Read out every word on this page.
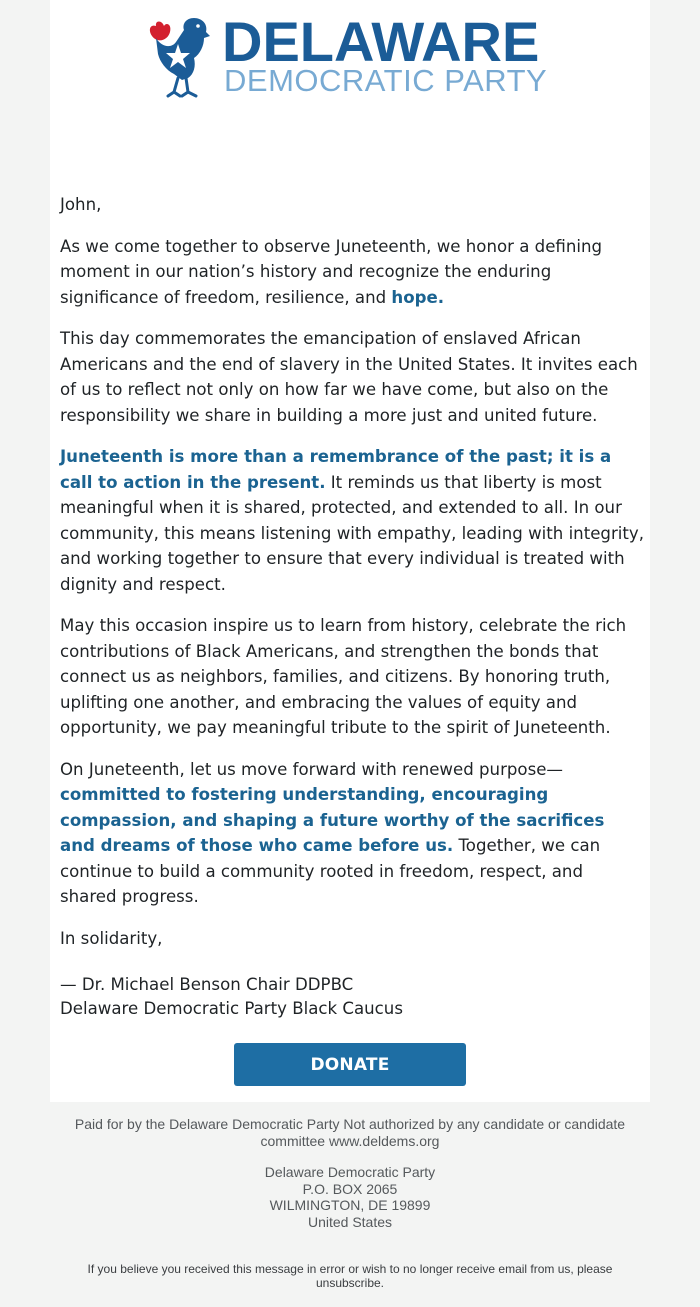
DELAWARE
DEMOCRATIC PARTY

John,

As we come together to observe Juneteenth, we honor a defining moment in our nation’s history and recognize the enduring significance of freedom, resilience, and hope.

This day commemorates the emancipation of enslaved African Americans and the end of slavery in the United States. It invites each of us to reflect not only on how far we have come, but also on the responsibility we share in building a more just and united future.

Juneteenth is more than a remembrance of the past; it is a call to action in the present. It reminds us that liberty is most meaningful when it is shared, protected, and extended to all. In our community, this means listening with empathy, leading with integrity, and working together to ensure that every individual is treated with dignity and respect.

May this occasion inspire us to learn from history, celebrate the rich contributions of Black Americans, and strengthen the bonds that connect us as neighbors, families, and citizens. By honoring truth, uplifting one another, and embracing the values of equity and opportunity, we pay meaningful tribute to the spirit of Juneteenth.

On Juneteenth, let us move forward with renewed purpose— committed to fostering understanding, encouraging compassion, and shaping a future worthy of the sacrifices and dreams of those who came before us. Together, we can continue to build a community rooted in freedom, respect, and shared progress.

In solidarity,

— Dr. Michael Benson Chair DDPBC
Delaware Democratic Party Black Caucus

DONATE
Paid for by the Delaware Democratic Party Not authorized by any candidate or candidate committee www.deldems.org
Delaware Democratic Party
P.O. BOX 2065
WILMINGTON, DE 19899
United States
If you believe you received this message in error or wish to no longer receive email from us, please unsubscribe.
